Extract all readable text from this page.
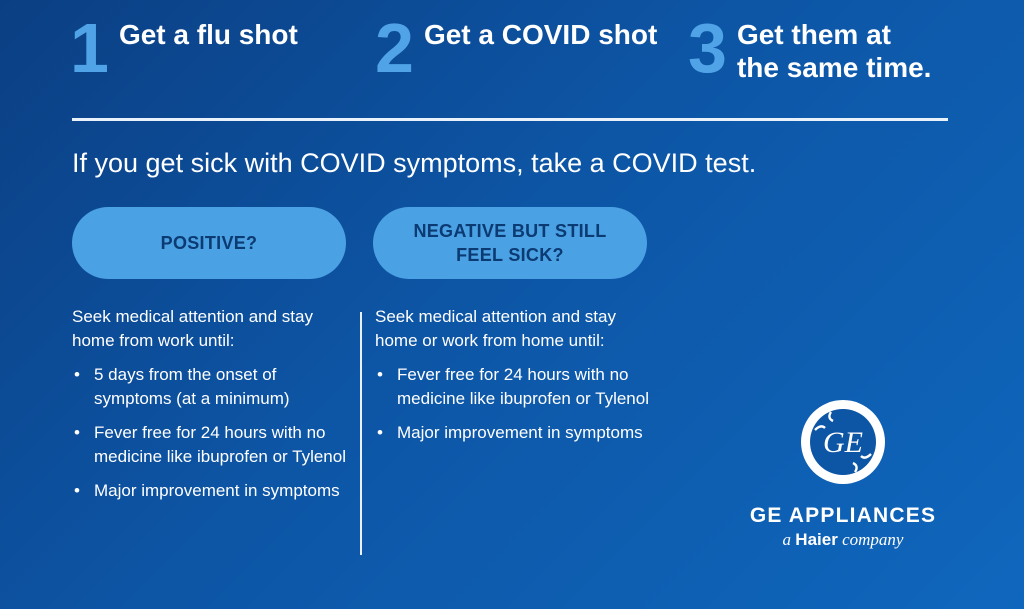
1 Get a flu shot 2 Get a COVID shot 3 Get them at
the same time.
If you get sick with COVID symptoms, take a COVID test.
POSITIVE?
NEGATIVE BUT STILL
FEEL SICK?

Seek medical attention and stay home from work until:

• 5 days from the onset of symptoms (at a minimum)
• Fever free for 24 hours with no medicine like ibuprofen or Tylenol
• Major improvement in symptoms

Seek medical attention and stay home or work from home until:

• Fever free for 24 hours with no medicine like ibuprofen or Tylenol
• Major improvement in symptoms	GE
GE APPLIANCES
a Haier company
